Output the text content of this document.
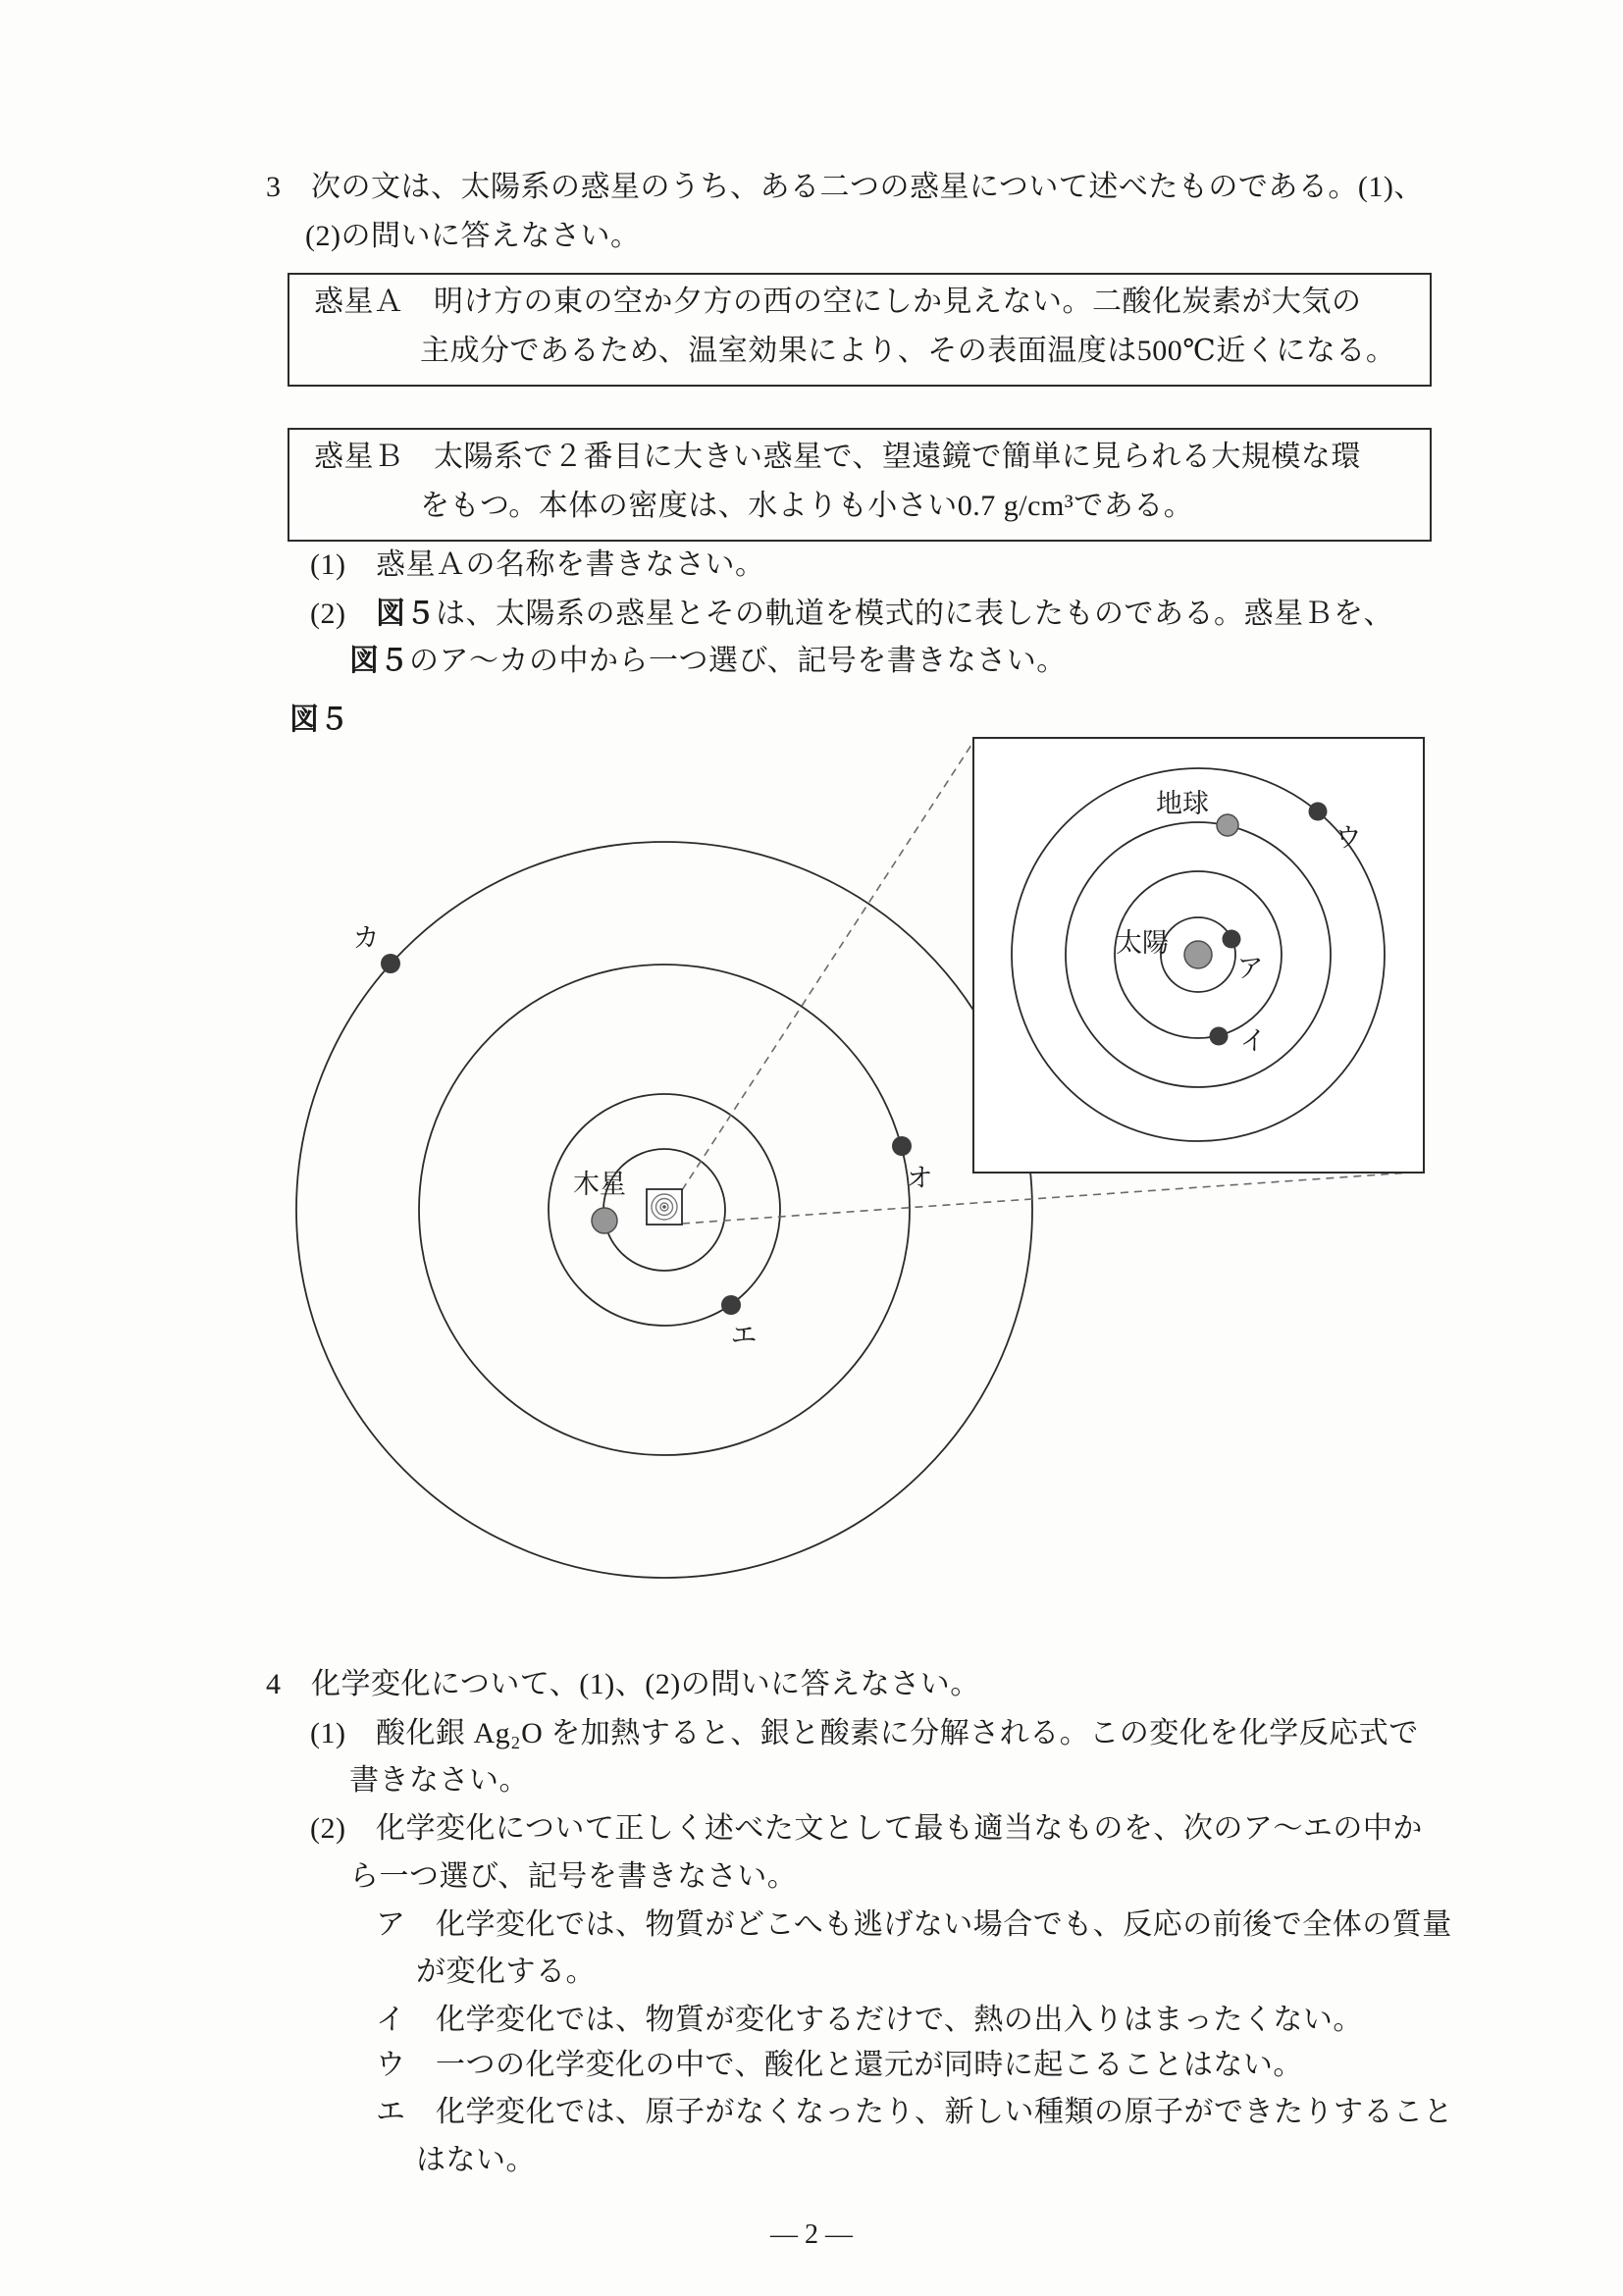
3　次の文は、太陽系の惑星のうち、ある二つの惑星について述べたものである。(1)、
(2)の問いに答えなさい。
惑星Ａ　明け方の東の空か夕方の西の空にしか見えない。二酸化炭素が大気の
主成分であるため、温室効果により、その表面温度は500℃近くになる。
惑星Ｂ　太陽系で２番目に大きい惑星で、望遠鏡で簡単に見られる大規模な環
をもつ。本体の密度は、水よりも小さい0.7 g/cm³である。
(1)　惑星Ａの名称を書きなさい。
(2)　図５は、太陽系の惑星とその軌道を模式的に表したものである。惑星Ｂを、
図５のア〜カの中から一つ選び、記号を書きなさい。
図５
木星
エ
オ
カ	太陽
ア
イ
地球
ウ
4　化学変化について、(1)、(2)の問いに答えなさい。
(1)　酸化銀 Ag₂O を加熱すると、銀と酸素に分解される。この変化を化学反応式で
書きなさい。
(2)　化学変化について正しく述べた文として最も適当なものを、次のア〜エの中か
ら一つ選び、記号を書きなさい。
ア　化学変化では、物質がどこへも逃げない場合でも、反応の前後で全体の質量
が変化する。
イ　化学変化では、物質が変化するだけで、熱の出入りはまったくない。
ウ　一つの化学変化の中で、酸化と還元が同時に起こることはない。
エ　化学変化では、原子がなくなったり、新しい種類の原子ができたりすること
はない。
— 2 —
